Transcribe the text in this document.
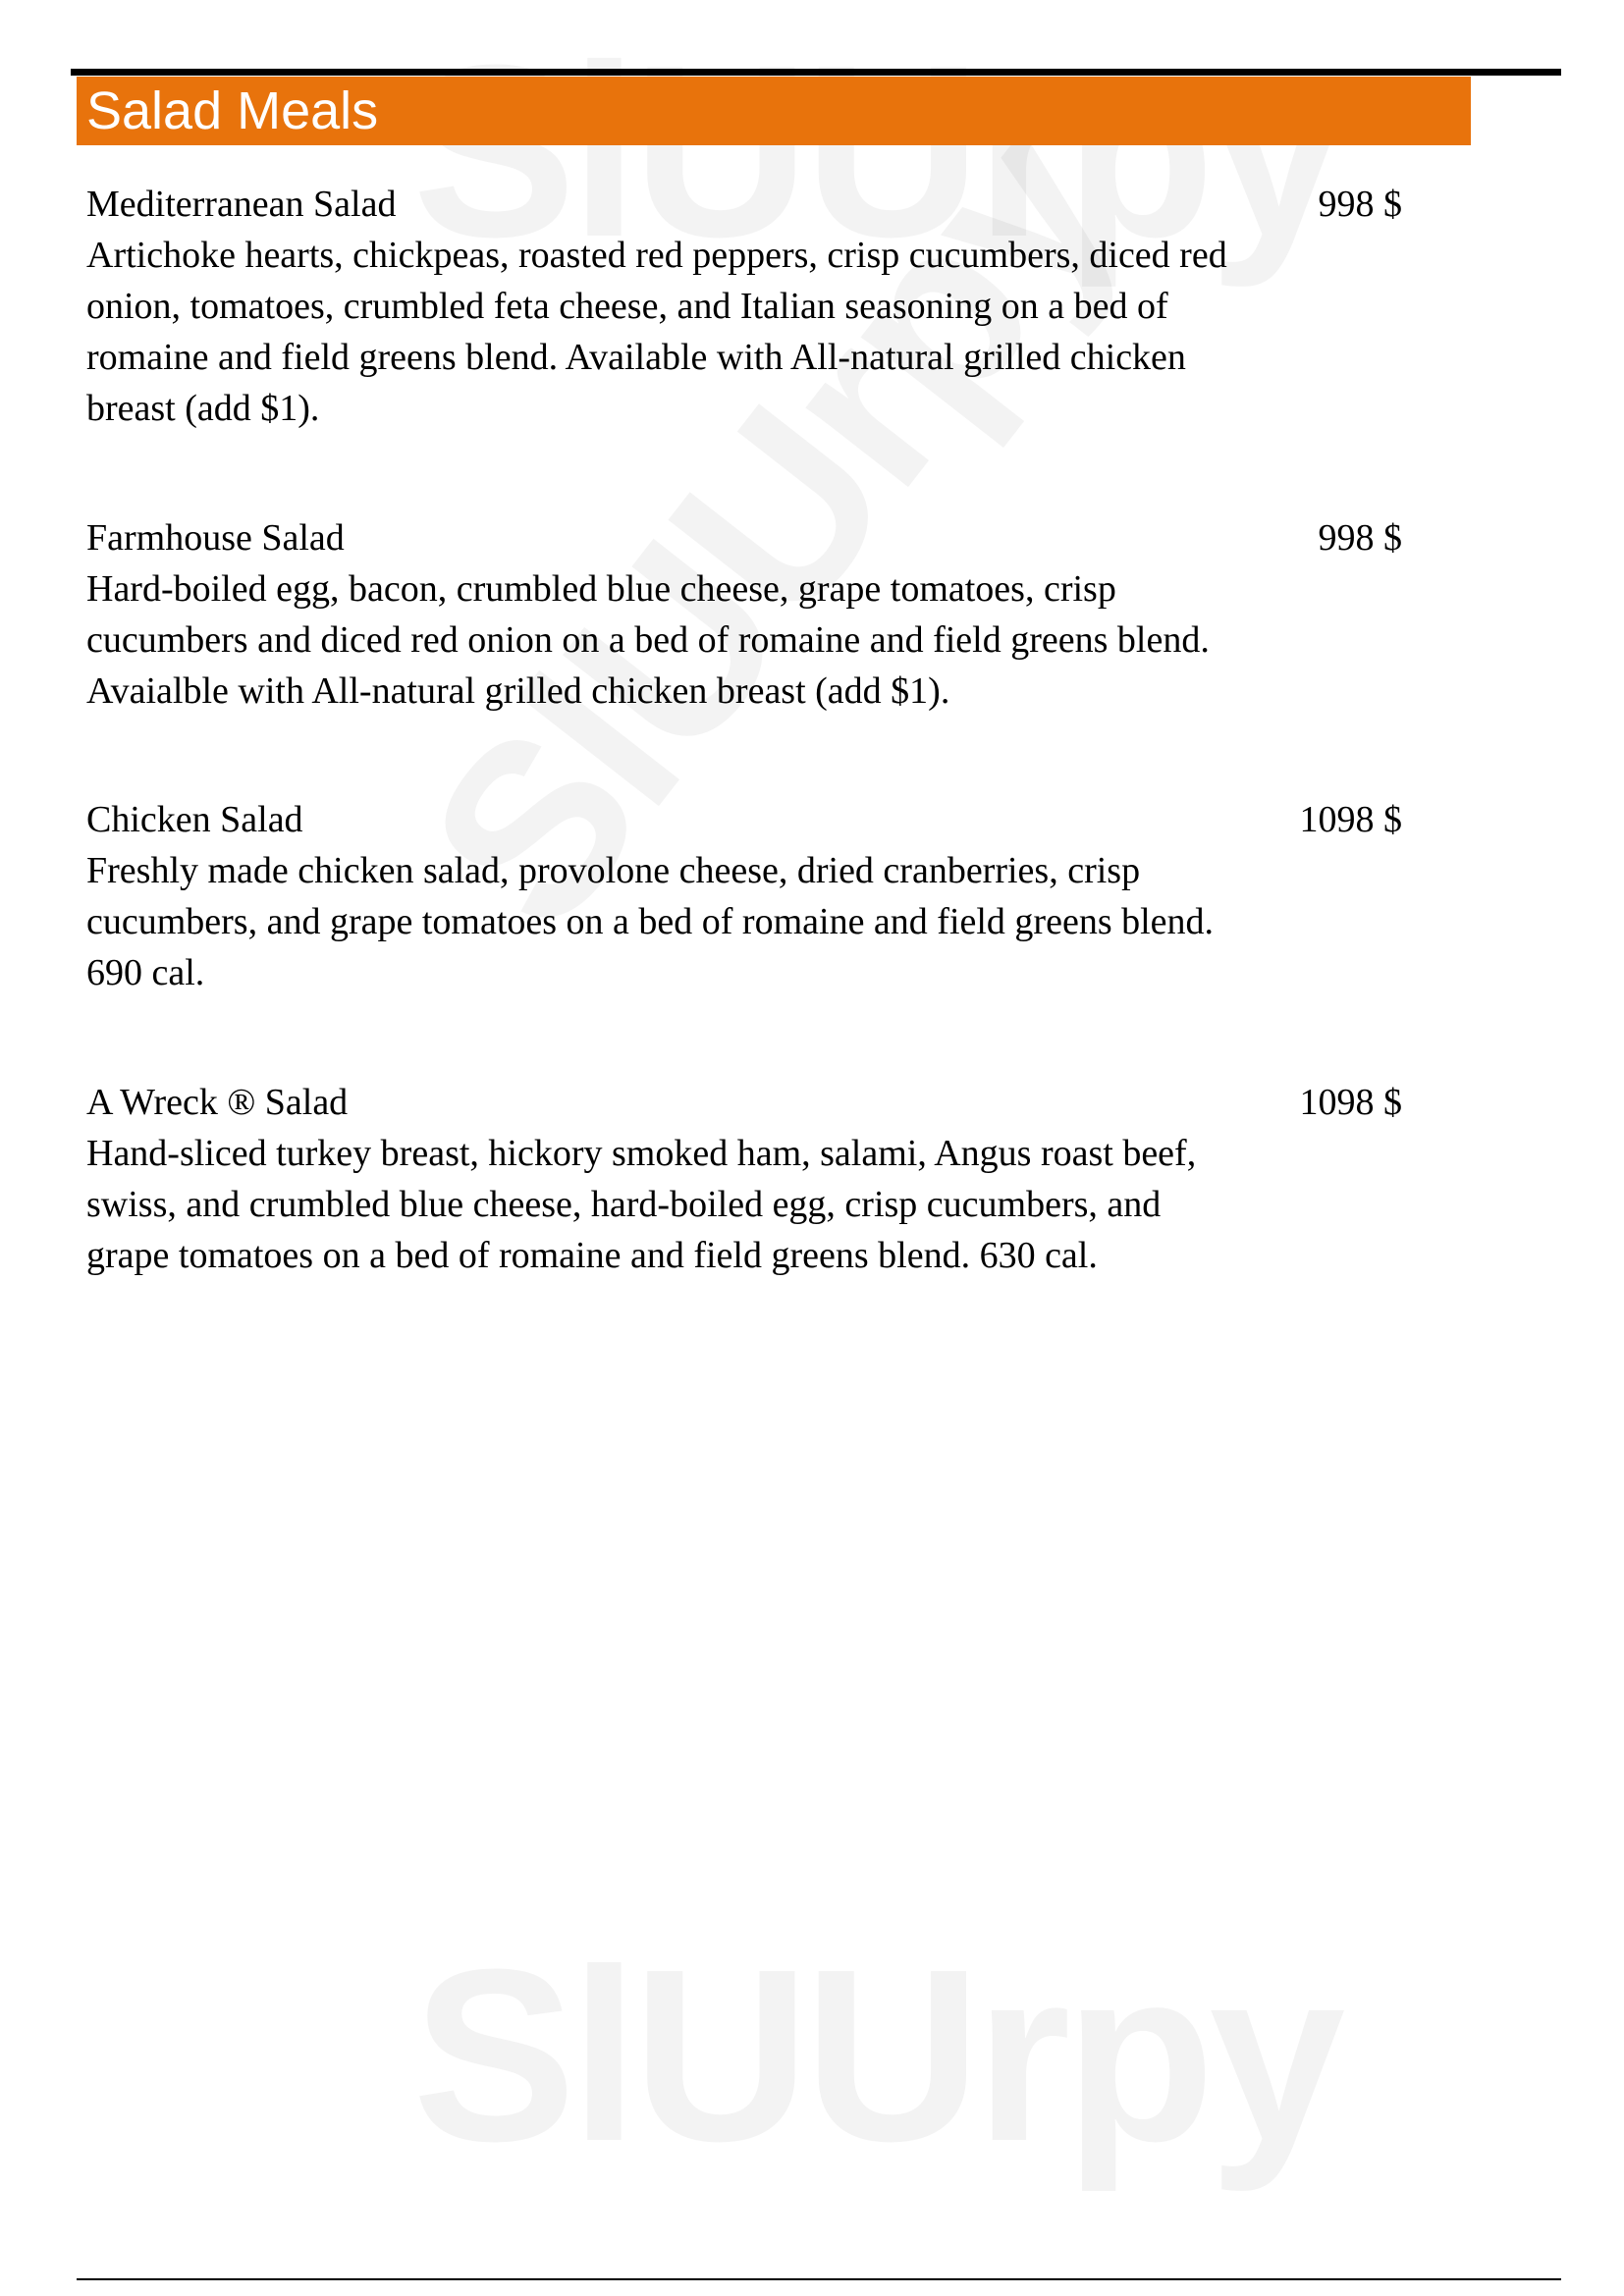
Salad Meals
Mediterranean Salad	998 $
Artichoke hearts, chickpeas, roasted red peppers, crisp cucumbers, diced red onion, tomatoes, crumbled feta cheese, and Italian seasoning on a bed of romaine and field greens blend. Available with All-natural grilled chicken breast (add $1).
Farmhouse Salad	998 $
Hard-boiled egg, bacon, crumbled blue cheese, grape tomatoes, crisp cucumbers and diced red onion on a bed of romaine and field greens blend. Avaialble with All-natural grilled chicken breast (add $1).
Chicken Salad	1098 $
Freshly made chicken salad, provolone cheese, dried cranberries, crisp cucumbers, and grape tomatoes on a bed of romaine and field greens blend. 690 cal.
A Wreck ® Salad	1098 $
Hand-sliced turkey breast, hickory smoked ham, salami, Angus roast beef, swiss, and crumbled blue cheese, hard-boiled egg, crisp cucumbers, and grape tomatoes on a bed of romaine and field greens blend. 630 cal.
